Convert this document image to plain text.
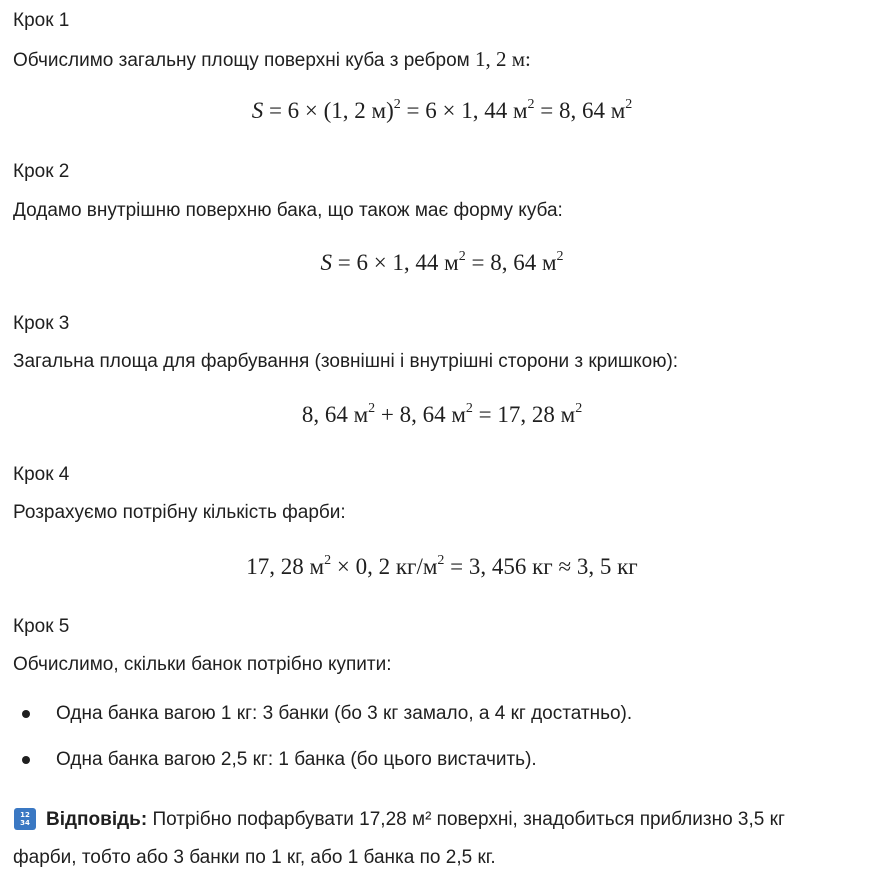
Крок 1
Обчислимо загальну площу поверхні куба з ребром 1, 2 м:
S = 6 × (1, 2 м)$^2$ = 6 × 1, 44 $м^2 = 8$, 64 $м^2$
Крок 2
Додамо внутрішню поверхню бака, що також має форму куба:
S = 6 × 1, 44 $м^2 = 8$, 64 $м^2$
Крок 3
Загальна площа для фарбування (зовнішні і внутрішні сторони з кришкою):
8, 64 $м^2 + 8$, 64 $м^2 = 17$, 28 $м^2$
Крок 4
Розрахуємо потрібну кількість фарби:
17, 28 $м^2 \times 0$, 2 $кг/м^2 = 3$, 456 кг ≈ 3, 5 кг
Крок 5
Обчислимо, скільки банок потрібно купити:
Одна банка вагою 1 кг: 3 банки (бо 3 кг замало, а 4 кг достатньо).
Одна банка вагою 2,5 кг: 1 банка (бо цього вистачить).
12
34 Відповідь: Потрібно пофарбувати 17,28 м² поверхні, знадобиться приблизно 3,5 кг
фарби, тобто або 3 банки по 1 кг, або 1 банка по 2,5 кг.
